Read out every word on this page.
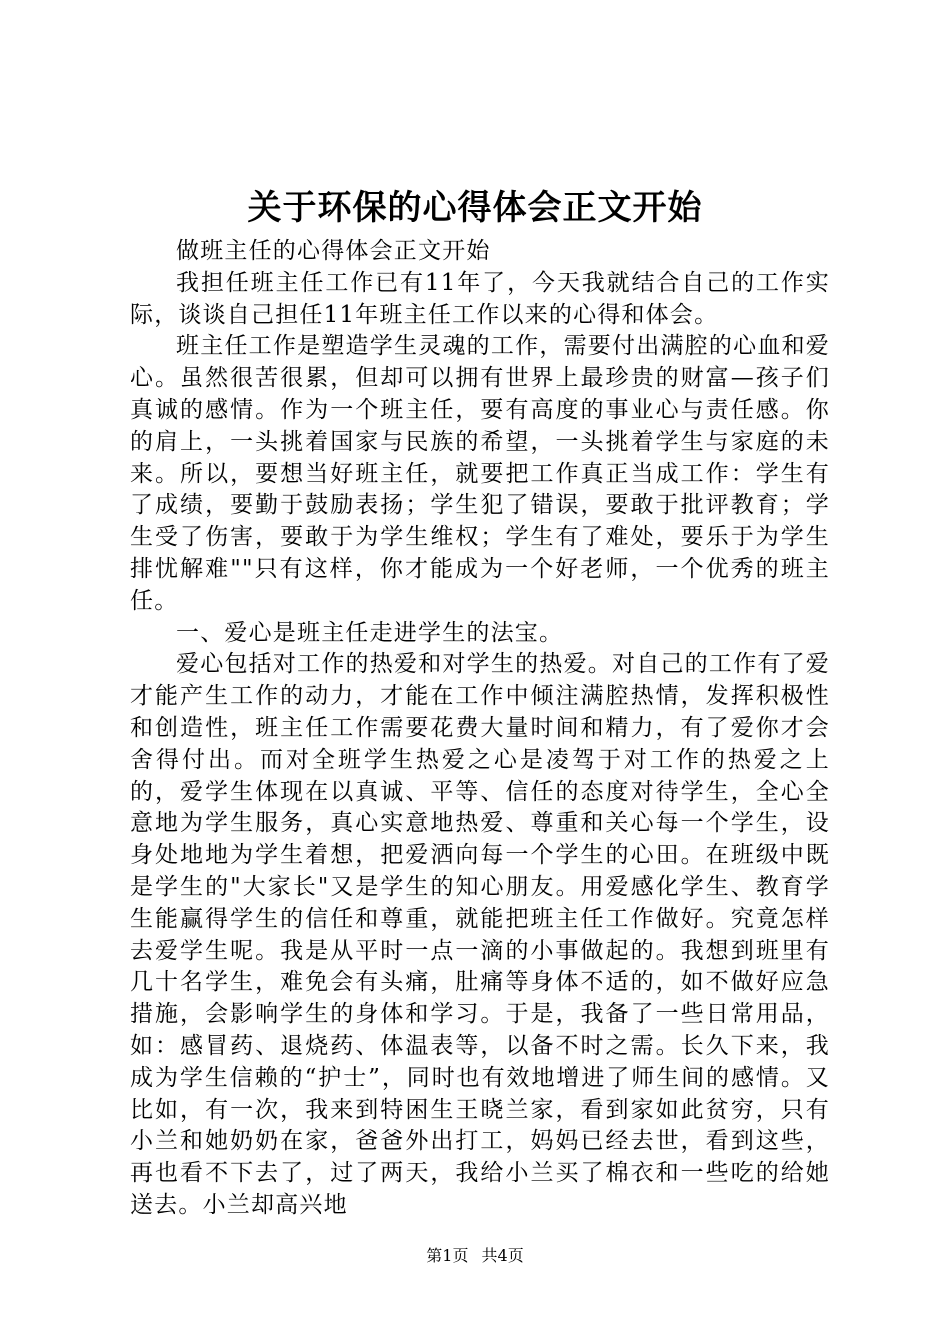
关于环保的心得体会正文开始

做班主任的心得体会正文开始

我担任班主任工作已有11年了，今天我就结合自己的工作实际，谈谈自己担任11年班主任工作以来的心得和体会。

班主任工作是塑造学生灵魂的工作，需要付出满腔的心血和爱心。虽然很苦很累，但却可以拥有世界上最珍贵的财富—孩子们真诚的感情。作为一个班主任，要有高度的事业心与责任感。你的肩上，一头挑着国家与民族的希望，一头挑着学生与家庭的未来。所以，要想当好班主任，就要把工作真正当成工作：学生有了成绩，要勤于鼓励表扬；学生犯了错误，要敢于批评教育；学生受了伤害，要敢于为学生维权；学生有了难处，要乐于为学生排忧解难""只有这样，你才能成为一个好老师，一个优秀的班主任。

一、爱心是班主任走进学生的法宝。

爱心包括对工作的热爱和对学生的热爱。对自己的工作有了爱才能产生工作的动力，才能在工作中倾注满腔热情，发挥积极性和创造性，班主任工作需要花费大量时间和精力，有了爱你才会舍得付出。而对全班学生热爱之心是凌驾于对工作的热爱之上的，爱学生体现在以真诚、平等、信任的态度对待学生，全心全意地为学生服务，真心实意地热爱、尊重和关心每一个学生，设身处地地为学生着想，把爱洒向每一个学生的心田。在班级中既是学生的"大家长"又是学生的知心朋友。用爱感化学生、教育学生能赢得学生的信任和尊重，就能把班主任工作做好。究竟怎样去爱学生呢。我是从平时一点一滴的小事做起的。我想到班里有几十名学生，难免会有头痛，肚痛等身体不适的，如不做好应急措施，会影响学生的身体和学习。于是，我备了一些日常用品，如：感冒药、退烧药、体温表等，以备不时之需。长久下来，我成为学生信赖的“护士”，同时也有效地增进了师生间的感情。又比如，有一次，我来到特困生王晓兰家，看到家如此贫穷，只有小兰和她奶奶在家，爸爸外出打工，妈妈已经去世，看到这些，再也看不下去了，过了两天，我给小兰买了棉衣和一些吃的给她送去。小兰却高兴地

第1页 共4页
